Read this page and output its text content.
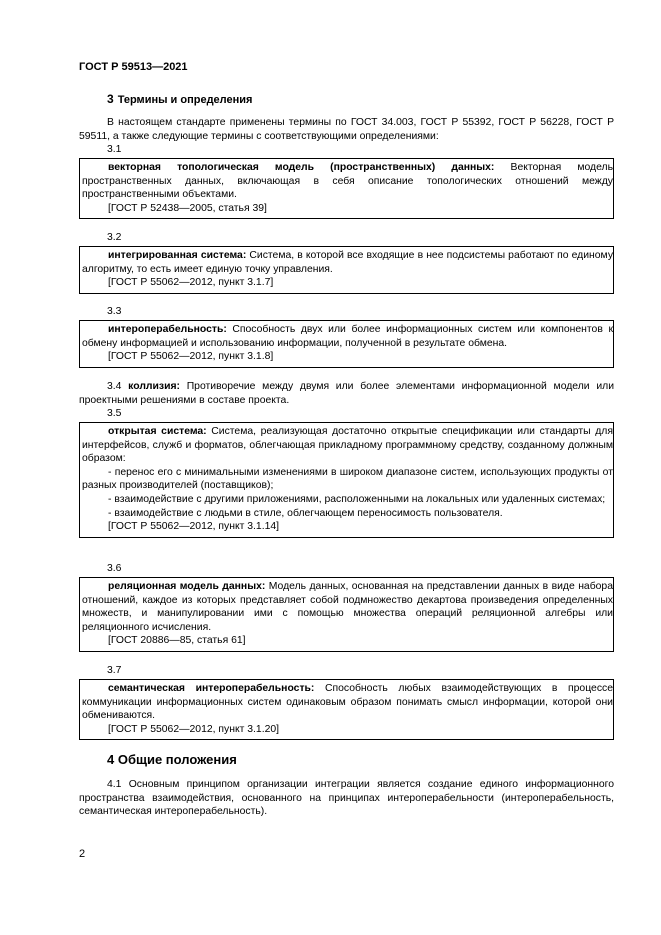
ГОСТ Р 59513—2021
3 Термины и определения
В настоящем стандарте применены термины по ГОСТ 34.003, ГОСТ Р 55392, ГОСТ Р 56228, ГОСТ Р 59511, а также следующие термины с соответствующими определениями:
3.1

векторная топологическая модель (пространственных) данных: Векторная модель пространственных данных, включающая в себя описание топологических отношений между пространственными объектами.

[ГОСТ Р 52438—2005, статья 39]

3.2

интегрированная система: Система, в которой все входящие в нее подсистемы работают по единому алгоритму, то есть имеет единую точку управления.

[ГОСТ Р 55062—2012, пункт 3.1.7]

3.3

интероперабельность: Способность двух или более информационных систем или компонентов к обмену информацией и использованию информации, полученной в результате обмена.

[ГОСТ Р 55062—2012, пункт 3.1.8]

3.4 коллизия: Противоречие между двумя или более элементами информационной модели или проектными решениями в составе проекта.
3.5

открытая система: Система, реализующая достаточно открытые спецификации или стандарты для интерфейсов, служб и форматов, облегчающая прикладному программному средству, созданному должным образом:

- перенос его с минимальными изменениями в широком диапазоне систем, использующих продукты от разных производителей (поставщиков);

- взаимодействие с другими приложениями, расположенными на локальных или удаленных системах;

- взаимодействие с людьми в стиле, облегчающем переносимость пользователя.

[ГОСТ Р 55062—2012, пункт 3.1.14]

3.6

реляционная модель данных: Модель данных, основанная на представлении данных в виде набора отношений, каждое из которых представляет собой подмножество декартова произведения определенных множеств, и манипулировании ими с помощью множества операций реляционной алгебры или реляционного исчисления.

[ГОСТ 20886—85, статья 61]

3.7

семантическая интероперабельность: Способность любых взаимодействующих в процессе коммуникации информационных систем одинаковым образом понимать смысл информации, которой они обмениваются.

[ГОСТ Р 55062—2012, пункт 3.1.20]

4 Общие положения
4.1 Основным принципом организации интеграции является создание единого информационного пространства взаимодействия, основанного на принципах интероперабельности (интероперабельность, семантическая интероперабельность).
2
